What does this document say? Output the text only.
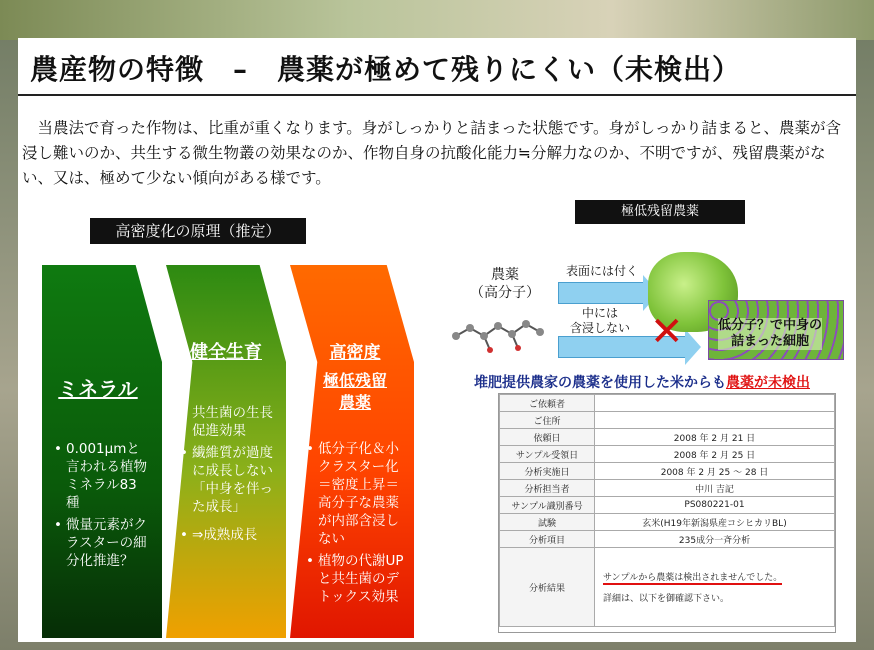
農産物の特徴　–　農薬が極めて残りにくい（未検出）
　当農法で育った作物は、比重が重くなります。身がしっかりと詰まった状態です。身がしっかり詰まると、農薬が含浸し難いのか、共生する微生物叢の効果なのか、作物自身の抗酸化能力≒分解力なのか、不明ですが、残留農薬がない、又は、極めて少ない傾向がある様です。
高密度化の原理（推定）
ミネラル
• 0.001μmと言われる植物ミネラル83種
• 微量元素がクラスターの細分化推進？
健全生育
• 共生菌の生長促進効果
• 繊維質が過度に成長しない「中身を伴った成長」
• ⇒成熟成長
高密度
極低残留
農薬
• 低分子化＆小クラスター化＝密度上昇＝高分子な農薬が内部含浸しない
• 植物の代謝UPと共生菌のデトックス効果
極低残留農薬
農薬
（高分子）
表面には付く
中には
含浸しない ✕	低分子？で中身の
詰まった細胞
堆肥提供農家の農薬を使用した米からも農薬が未検出
ご依頼者	
ご住所	
依頼日	2008 年 2 月 21 日
サンプル受領日	2008 年 2 月 25 日
分析実施日	2008 年 2 月 25 ～ 28 日
分析担当者	中川 吉記
サンプル識別番号	PS080221-01
試験	玄米(H19年新潟県産コシヒカリBL)
分析項目	235成分一斉分析
分析結果	サンプルから農薬は検出されませんでした。
詳細は、以下を御確認下さい。
